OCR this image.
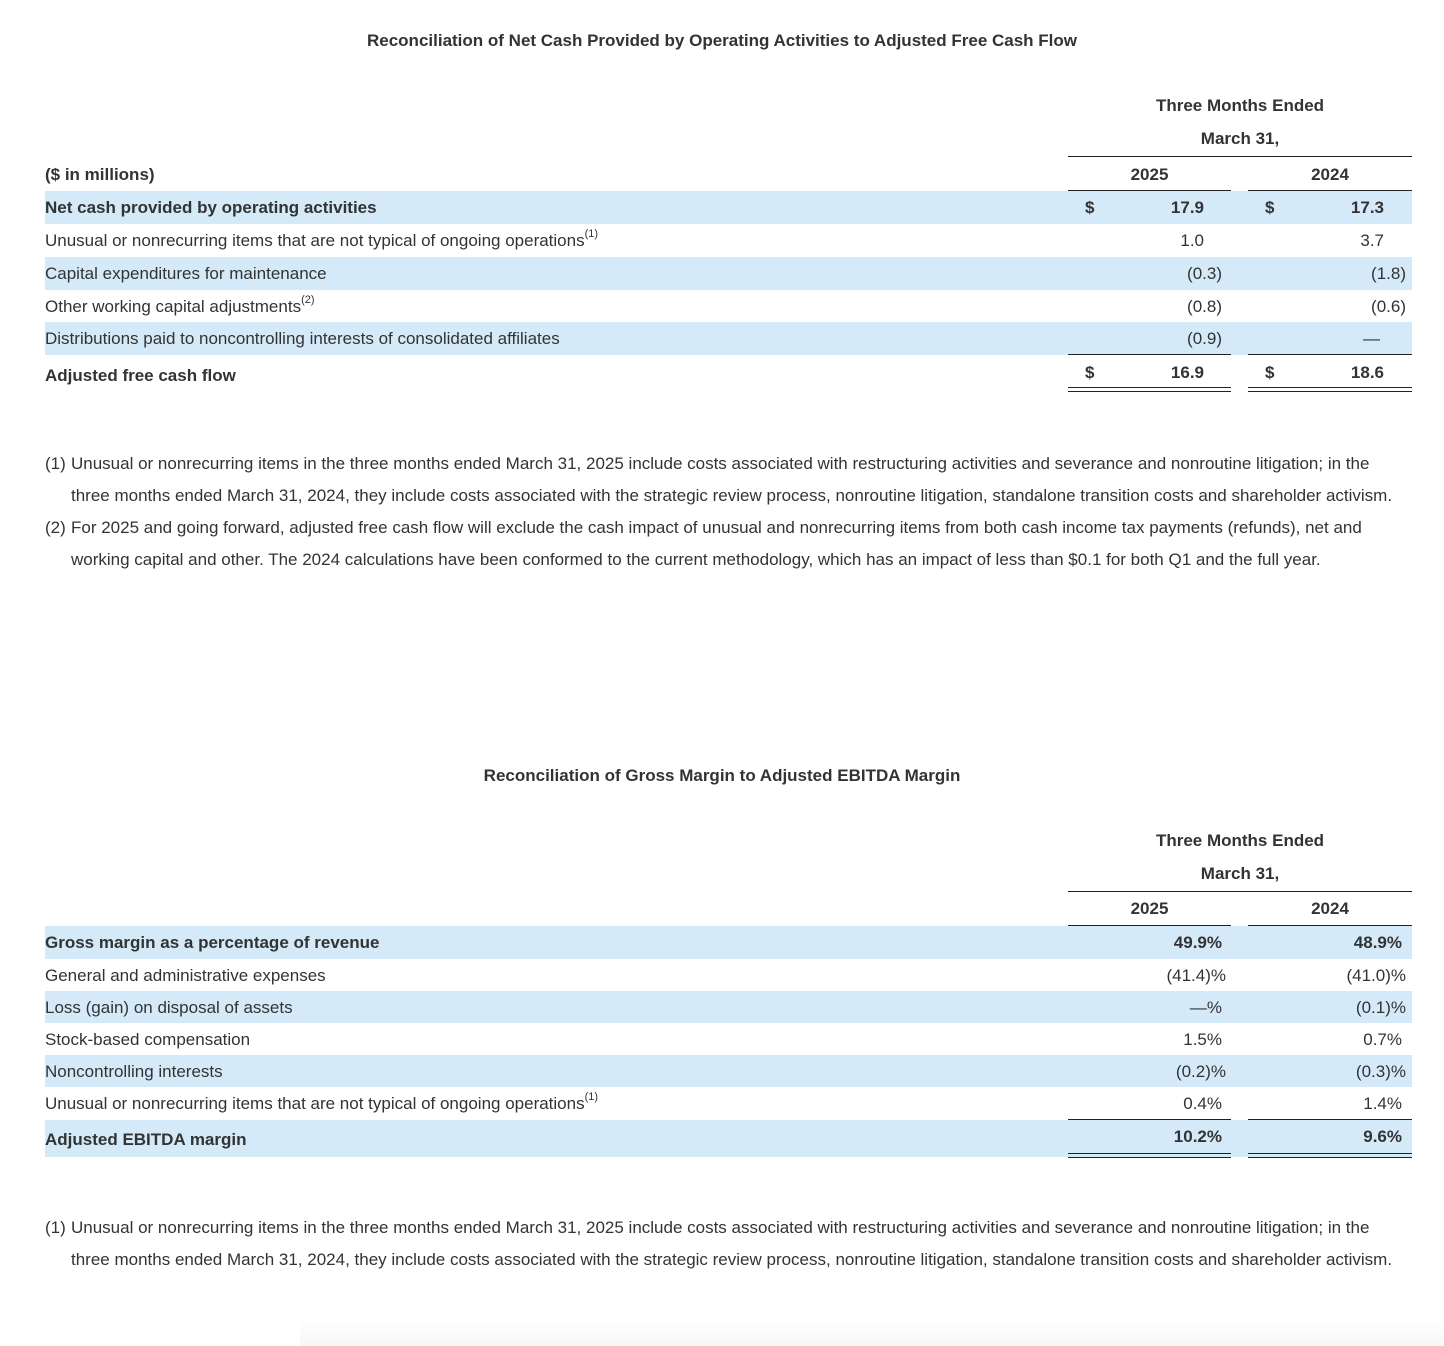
Reconciliation of Net Cash Provided by Operating Activities to Adjusted Free Cash Flow
Three Months Ended
March 31,
($ in millions)	2025	2024
Net cash provided by operating activities	$	17.9	$	17.3
Unusual or nonrecurring items that are not typical of ongoing operations$^{(1)}$	1.0	3.7
Capital expenditures for maintenance	(0.3)	(1.8)
Other working capital adjustments$^{(2)}$	(0.8)	(0.6)
Distributions paid to noncontrolling interests of consolidated affiliates	(0.9)	—
Adjusted free cash flow	$	16.9	$	18.6
(1) Unusual or nonrecurring items in the three months ended March 31, 2025 include costs associated with restructuring activities and severance and nonroutine litigation; in the three months ended March 31, 2024, they include costs associated with the strategic review process, nonroutine litigation, standalone transition costs and shareholder activism.
(2) For 2025 and going forward, adjusted free cash flow will exclude the cash impact of unusual and nonrecurring items from both cash income tax payments (refunds), net and working capital and other. The 2024 calculations have been conformed to the current methodology, which has an impact of less than $0.1 for both Q1 and the full year.
Reconciliation of Gross Margin to Adjusted EBITDA Margin
Three Months Ended
March 31,
2025	2024
Gross margin as a percentage of revenue	49.9%	48.9%
General and administrative expenses	(41.4)%	(41.0)%
Loss (gain) on disposal of assets	—%	(0.1)%
Stock-based compensation	1.5%	0.7%
Noncontrolling interests	(0.2)%	(0.3)%
Unusual or nonrecurring items that are not typical of ongoing operations$^{(1)}$	0.4%	1.4%
Adjusted EBITDA margin	10.2%	9.6%
(1) Unusual or nonrecurring items in the three months ended March 31, 2025 include costs associated with restructuring activities and severance and nonroutine litigation; in the three months ended March 31, 2024, they include costs associated with the strategic review process, nonroutine litigation, standalone transition costs and shareholder activism.
